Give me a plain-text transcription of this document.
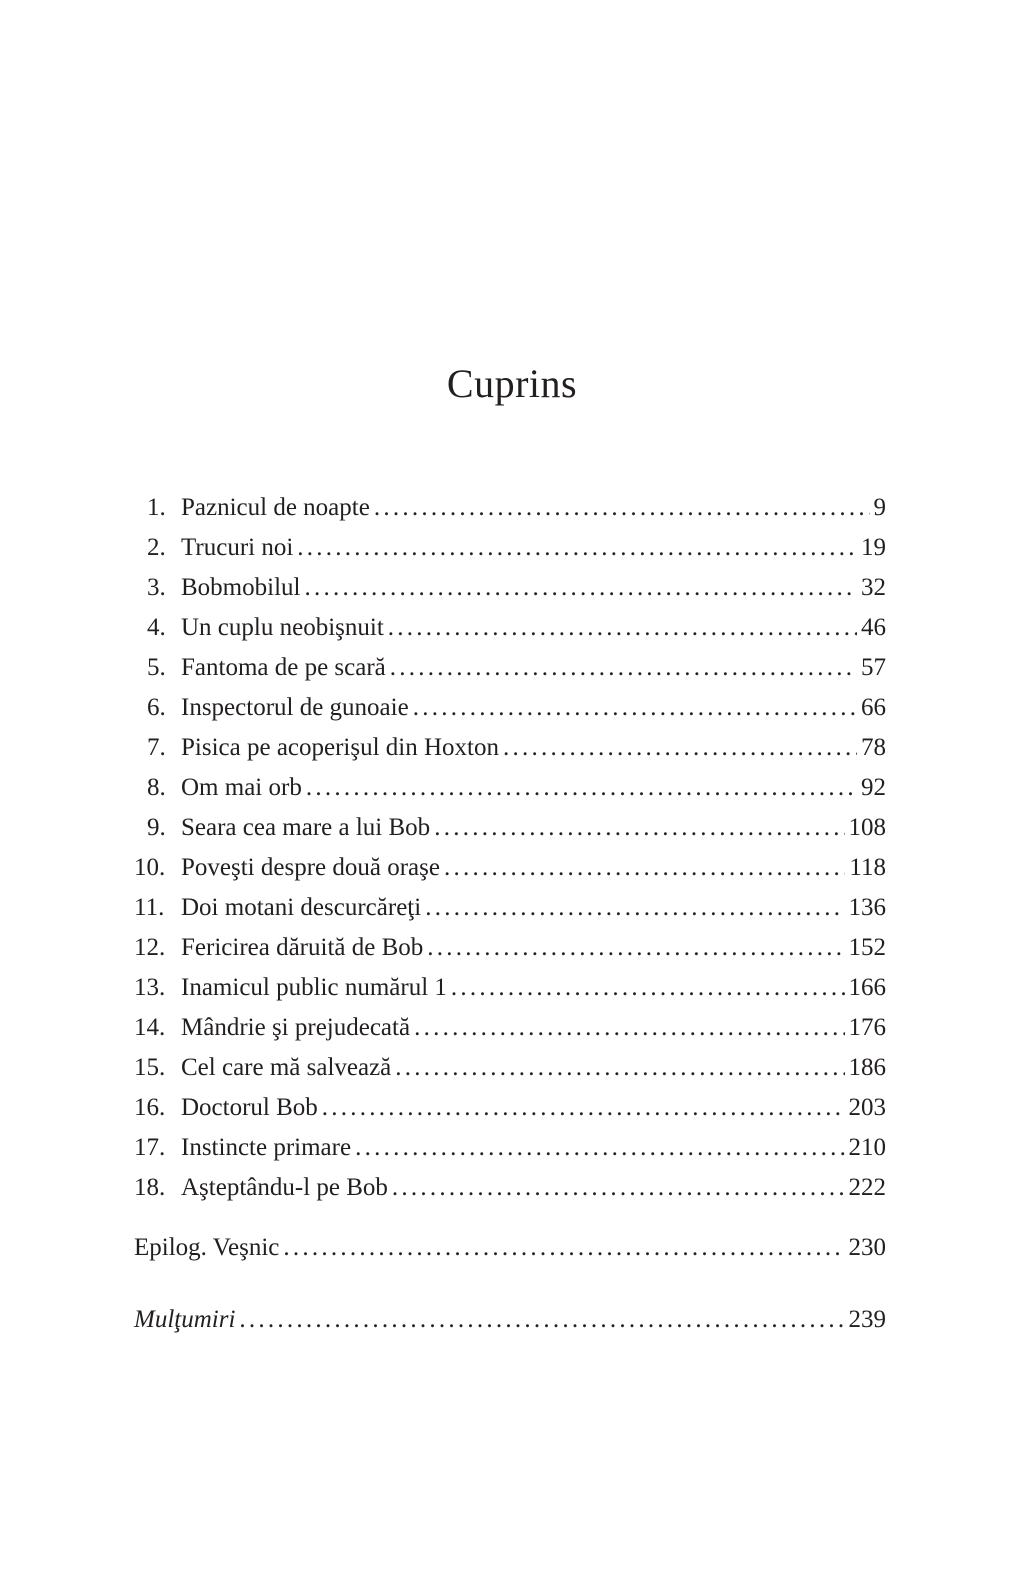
Cuprins
1. Paznicul de noapte . . .	9
2. Trucuri noi . . .	19
3. Bobmobilul . . .	32
4. Un cuplu neobişnuit . . .	46
5. Fantoma de pe scară . . .	57
6. Inspectorul de gunoaie . . .	66
7. Pisica pe acoperişul din Hoxton . . .	78
8. Om mai orb . . .	92
9. Seara cea mare a lui Bob . . .	108
10. Poveşti despre două oraşe . . .	118
11. Doi motani descurcăreţi . . .	136
12. Fericirea dăruită de Bob . . .	152
13. Inamicul public numărul 1 . . .	166
14. Mândrie şi prejudecată . . .	176
15. Cel care mă salvează . . .	186
16. Doctorul Bob . . .	203
17. Instincte primare . . .	210
18. Aşteptându-l pe Bob . . .	222
Epilog. Veşnic . . .	230
Mulţumiri . . .	239
